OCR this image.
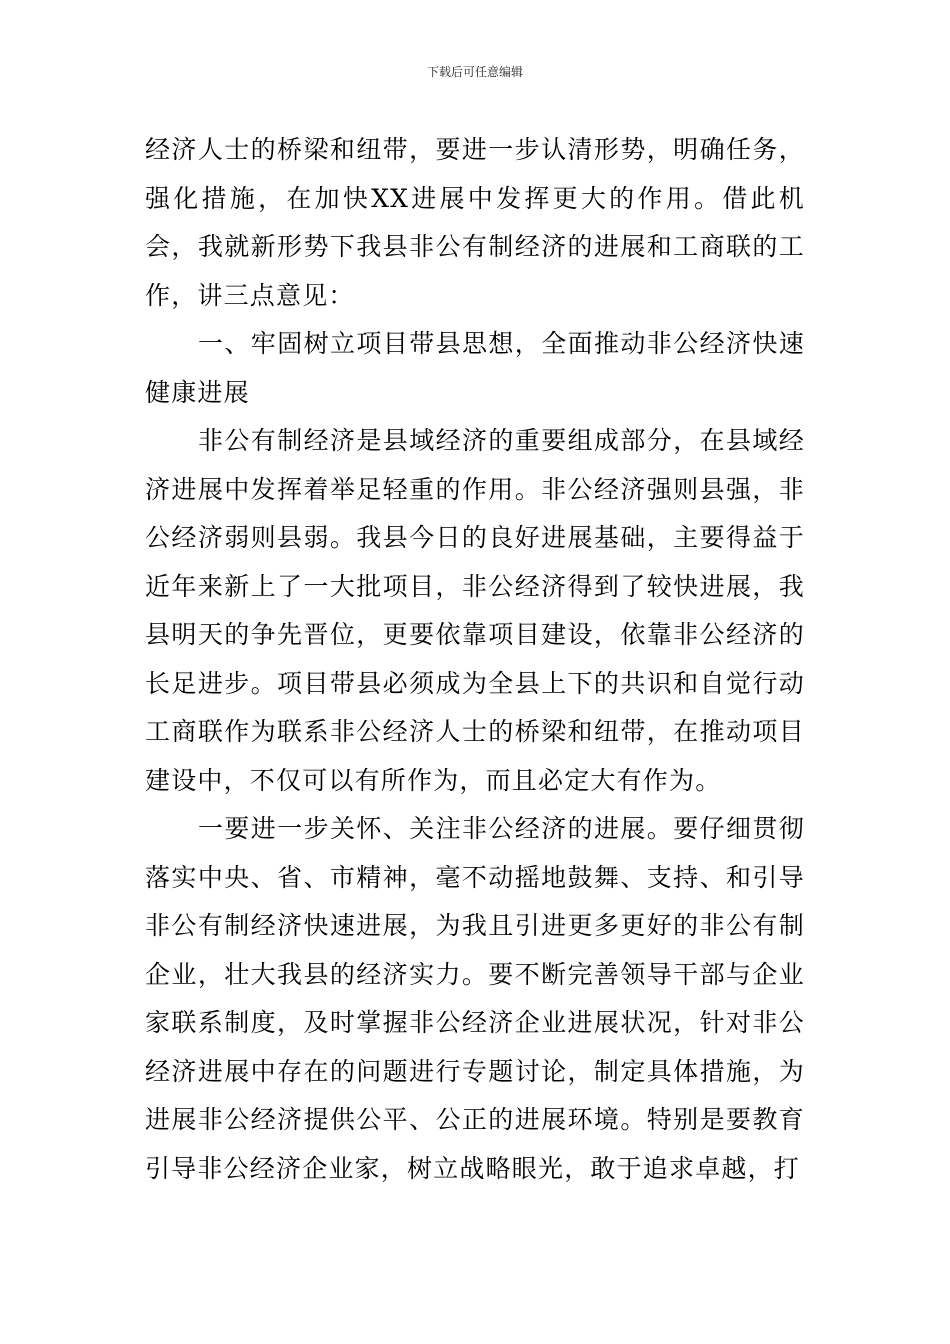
下载后可任意编辑

经济人士的桥梁和纽带，要进一步认清形势，明确任务，强化措施，在加快XX进展中发挥更大的作用。借此机会，我就新形势下我县非公有制经济的进展和工商联的工作，讲三点意见：

一、牢固树立项目带县思想，全面推动非公经济快速健康进展

非公有制经济是县域经济的重要组成部分，在县域经济进展中发挥着举足轻重的作用。非公经济强则县强，非公经济弱则县弱。我县今日的良好进展基础，主要得益于近年来新上了一大批项目，非公经济得到了较快进展，我县明天的争先晋位，更要依靠项目建设，依靠非公经济的长足进步。项目带县必须成为全县上下的共识和自觉行动工商联作为联系非公经济人士的桥梁和纽带，在推动项目建设中，不仅可以有所作为，而且必定大有作为。

一要进一步关怀、关注非公经济的进展。要仔细贯彻落实中央、省、市精神，毫不动摇地鼓舞、支持、和引导非公有制经济快速进展，为我且引进更多更好的非公有制企业，壮大我县的经济实力。要不断完善领导干部与企业家联系制度，及时掌握非公经济企业进展状况，针对非公经济进展中存在的问题进行专题讨论，制定具体措施，为进展非公经济提供公平、公正的进展环境。特别是要教育引导非公经济企业家，树立战略眼光，敢于追求卓越，打
